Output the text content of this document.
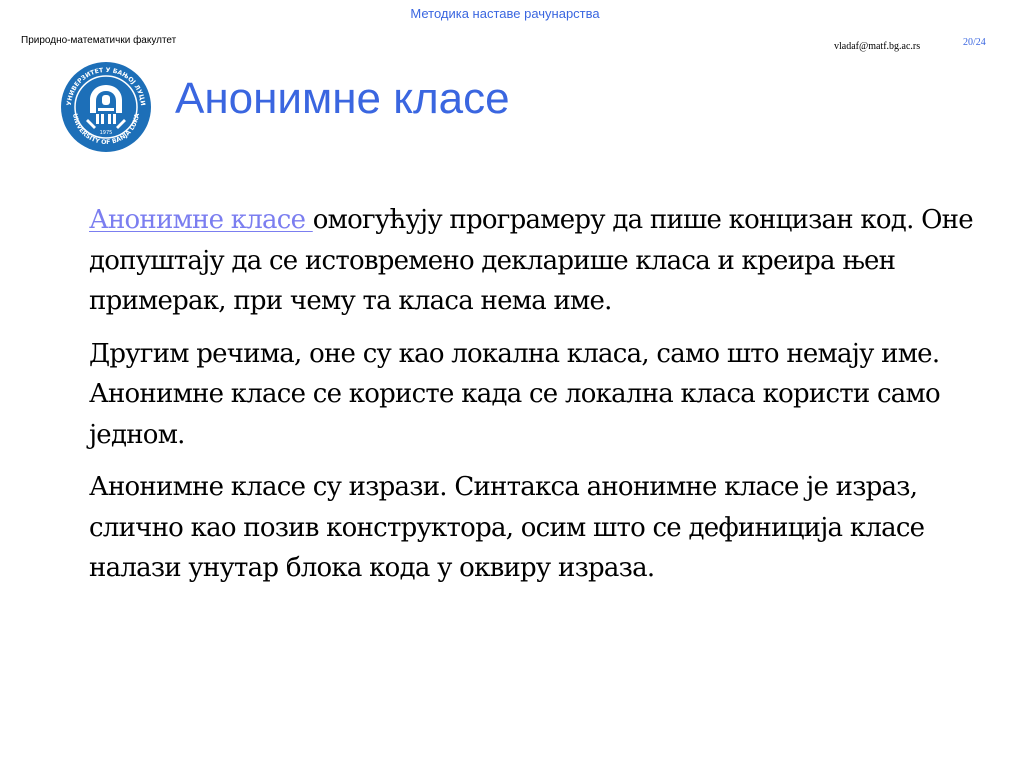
Методика наставе рачунарства
Природно-математички факултет
vladaf@matf.bg.ac.rs	20/24
УНИВЕРЗИТЕТ У БАЊОЈ ЛУЦИ
UNIVERSITY OF BANJA LUKA
1975
Анонимне класе

Анонимне класе омогућују програмеру да пише концизан код. Оне допуштају да се истовремено декларише класа и креира њен примерак, при чему та класа нема име.

Другим речима, оне су као локална класа, само што немају име. Анонимне класе се користе када се локална класа користи само једном.

Анонимне класе су изрази. Синтакса анонимне класе је израз, слично као позив конструктора, осим што се дефиниција класе налази унутар блока кода у оквиру израза.
